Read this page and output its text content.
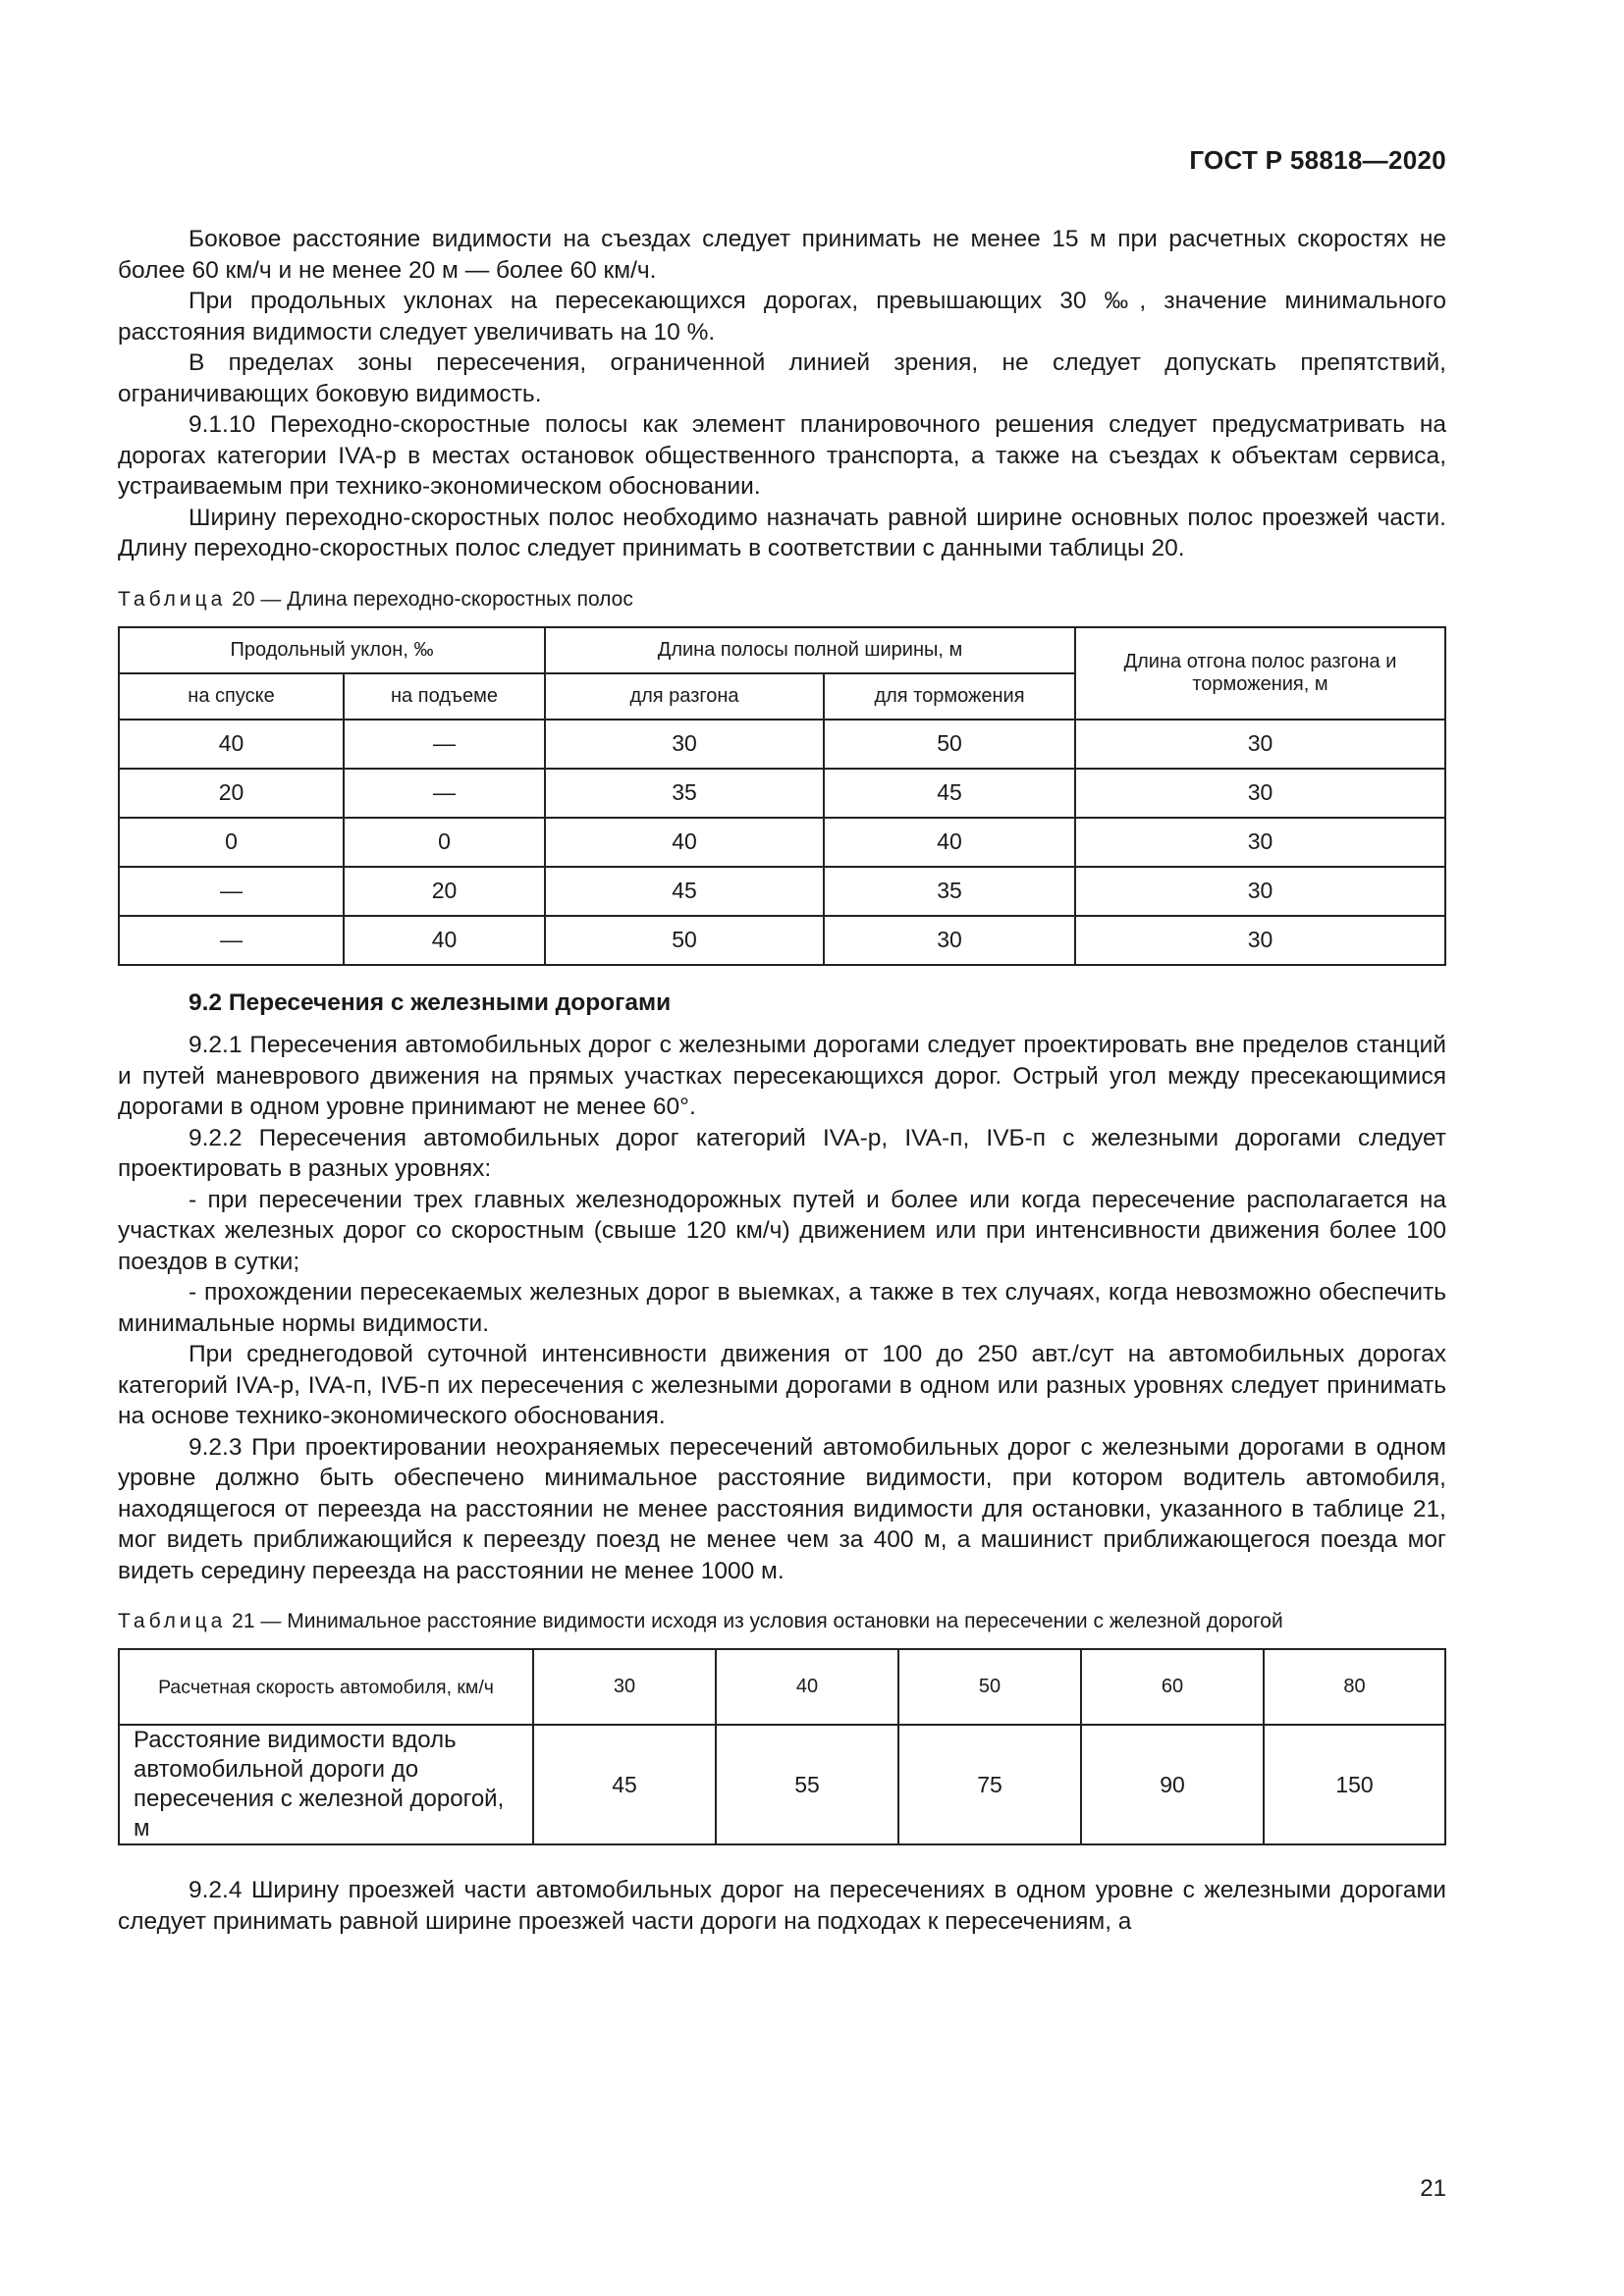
ГОСТ Р 58818—2020

Боковое расстояние видимости на съездах следует принимать не менее 15 м при расчетных скоростях не более 60 км/ч и не менее 20 м — более 60 км/ч.

При продольных уклонах на пересекающихся дорогах, превышающих 30 ‰, значение минимального расстояния видимости следует увеличивать на 10 %.

В пределах зоны пересечения, ограниченной линией зрения, не следует допускать препятствий, ограничивающих боковую видимость.

9.1.10 Переходно-скоростные полосы как элемент планировочного решения следует предусматривать на дорогах категории IVA-р в местах остановок общественного транспорта, а также на съездах к объектам сервиса, устраиваемым при технико-экономическом обосновании.

Ширину переходно-скоростных полос необходимо назначать равной ширине основных полос проезжей части. Длину переходно-скоростных полос следует принимать в соответствии с данными таблицы 20.

Таблица 20 — Длина переходно-скоростных полос
Продольный уклон, ‰		Длина полосы полной ширины, м		Длина отгона полос разгона и торможения, м
на спуске	на подъеме	для разгона	для торможения	
40	—	30	50	30
20	—	35	45	30
0	0	40	40	30
—	20	45	35	30
—	40	50	30	30

9.2 Пересечения с железными дорогами

9.2.1 Пересечения автомобильных дорог с железными дорогами следует проектировать вне пределов станций и путей маневрового движения на прямых участках пересекающихся дорог. Острый угол между пресекающимися дорогами в одном уровне принимают не менее 60°.

9.2.2 Пересечения автомобильных дорог категорий IVA-р, IVA-п, IVБ-п с железными дорогами следует проектировать в разных уровнях:

- при пересечении трех главных железнодорожных путей и более или когда пересечение располагается на участках железных дорог со скоростным (свыше 120 км/ч) движением или при интенсивности движения более 100 поездов в сутки;

- прохождении пересекаемых железных дорог в выемках, а также в тех случаях, когда невозможно обеспечить минимальные нормы видимости.

При среднегодовой суточной интенсивности движения от 100 до 250 авт./сут на автомобильных дорогах категорий IVA-р, IVA-п, IVБ-п их пересечения с железными дорогами в одном или разных уровнях следует принимать на основе технико-экономического обоснования.

9.2.3 При проектировании неохраняемых пересечений автомобильных дорог с железными дорогами в одном уровне должно быть обеспечено минимальное расстояние видимости, при котором водитель автомобиля, находящегося от переезда на расстоянии не менее расстояния видимости для остановки, указанного в таблице 21, мог видеть приближающийся к переезду поезд не менее чем за 400 м, а машинист приближающегося поезда мог видеть середину переезда на расстоянии не менее 1000 м.

Таблица 21 — Минимальное расстояние видимости исходя из условия остановки на пересечении с железной дорогой
Расчетная скорость автомобиля, км/ч	30	40	50	60	80
Расстояние видимости вдоль автомобильной дороги до пересечения с железной дорогой, м	45	55	75	90	150

9.2.4 Ширину проезжей части автомобильных дорог на пересечениях в одном уровне с железными дорогами следует принимать равной ширине проезжей части дороги на подходах к пересечениям, а

21
